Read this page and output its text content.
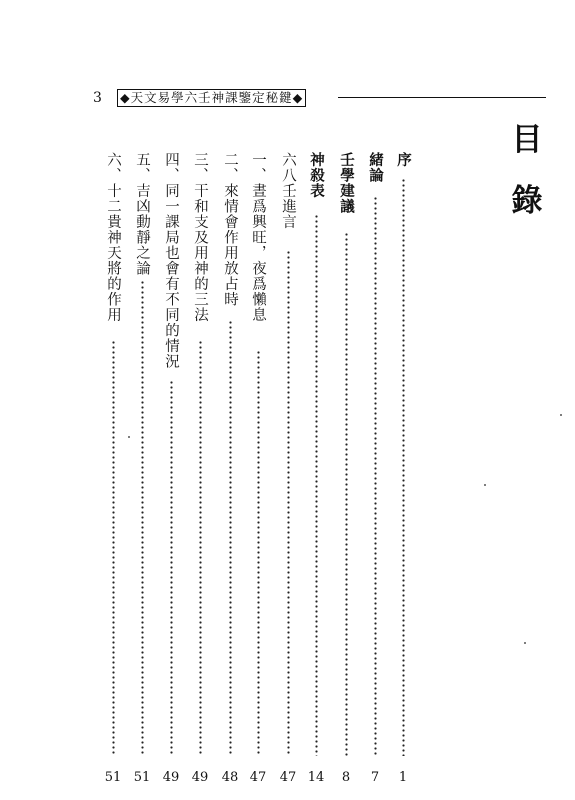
3 ◆天文易學六壬神課鑒定秘鍵◆
目
錄
序
1
緒論
7
壬學建議
8
神殺表
14
六八壬進言
47
一、晝爲興旺，夜爲懶息
47
二、來情會作用放占時
48
三、干和支及用神的三法
49
四、同一課局也會有不同的情況
49
五、吉凶動靜之論
51
六、十二貴神天將的作用
51
